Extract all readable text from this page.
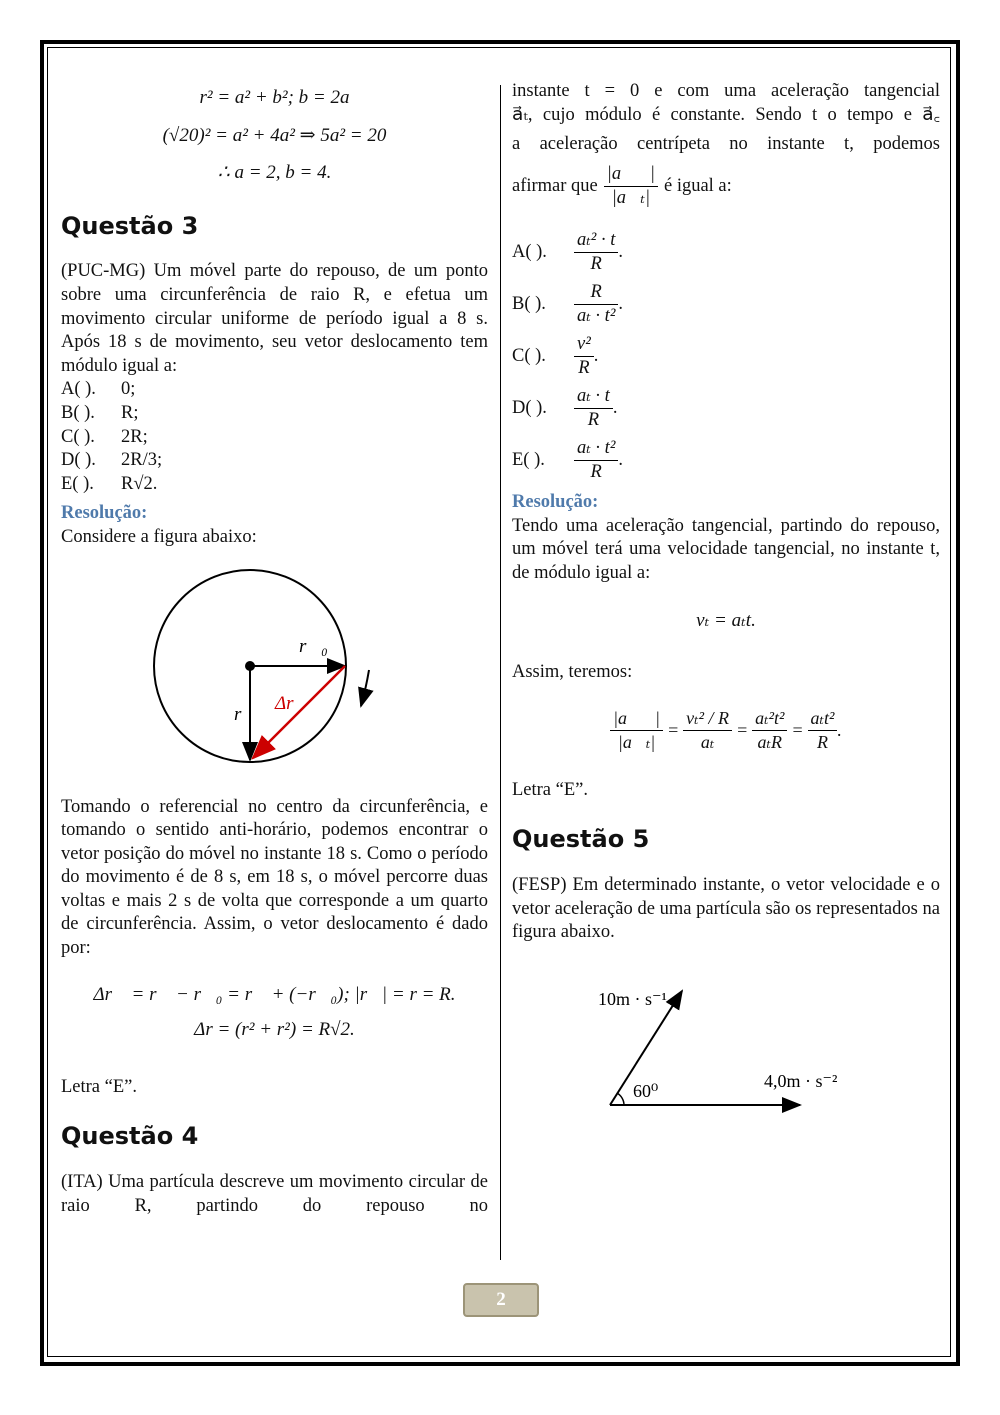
r² = a² + b²; b = 2a
(√20)² = a² + 4a² ⇒ 5a² = 20
∴ a = 2, b = 4.
Questão 3

(PUC-MG) Um móvel parte do repouso, de um ponto sobre uma circunferência de raio R, e efetua um movimento circular uniforme de período igual a 8 s. Após 18 s de movimento, seu vetor deslocamento tem módulo igual a:

A( ). 0;
B( ). R;
C( ). 2R;
D( ). 2R/3;
E( ). R√2.
Resolução:
Considere a figura abaixo:
r⃗₀
r⃗
Δr⃗

Tomando o referencial no centro da circunferência, e tomando o sentido anti-horário, podemos encontrar o vetor posição do móvel no instante 18 s. Como o período do movimento é de 8 s, em 18 s, o móvel percorre duas voltas e mais 2 s de volta que corresponde a um quarto de circunferência. Assim, o vetor deslocamento é dado por:

Δr⃗ = r⃗ − r⃗₀ = r⃗ + (−r⃗₀); |r⃗| = r = R.
Δr = (r² + r²) = R√2.
Letra “E”.
Questão 4

(ITA) Uma partícula descreve um movimento circular de raio R, partindo do repouso no

instante t = 0 e com uma aceleração tangencial
a⃗ₜ, cujo módulo é constante. Sendo t o tempo e a⃗꜀
a aceleração centrípeta no instante t, podemos
afirmar que $\frac{|a⃗꜀|}{\text{|a⃗ₜ|}}$ é igual a:
A( ).	$\frac{\text{aₜ² · t}}{R}$ .
B( ).	$\frac{R}{\text{aₜ · t²}}$ .
C( ).	$\frac{\text{v²}}{R}$ .
D( ).	$\frac{\text{aₜ · t}}{R}$ .
E( ).	$\frac{\text{aₜ · t²}}{R}$ .
Resolução:

Tendo uma aceleração tangencial, partindo do repouso, um móvel terá uma velocidade tangencial, no instante t, de módulo igual a:

vₜ = aₜt.
Assim, teremos:
$\frac{|a⃗꜀|}{\text{|a⃗ₜ|}} = \frac{\text{vₜ² / R}}{\text{aₜ}} = \frac{\text{aₜ²t²}}{\text{aₜR}} = \frac{\text{aₜt²}}{R}$ .
Letra “E”.
Questão 5

(FESP) Em determinado instante, o vetor velocidade e o vetor aceleração de uma partícula são os representados na figura abaixo.

10m · s⁻¹
60⁰	4,0m · s⁻²
2
